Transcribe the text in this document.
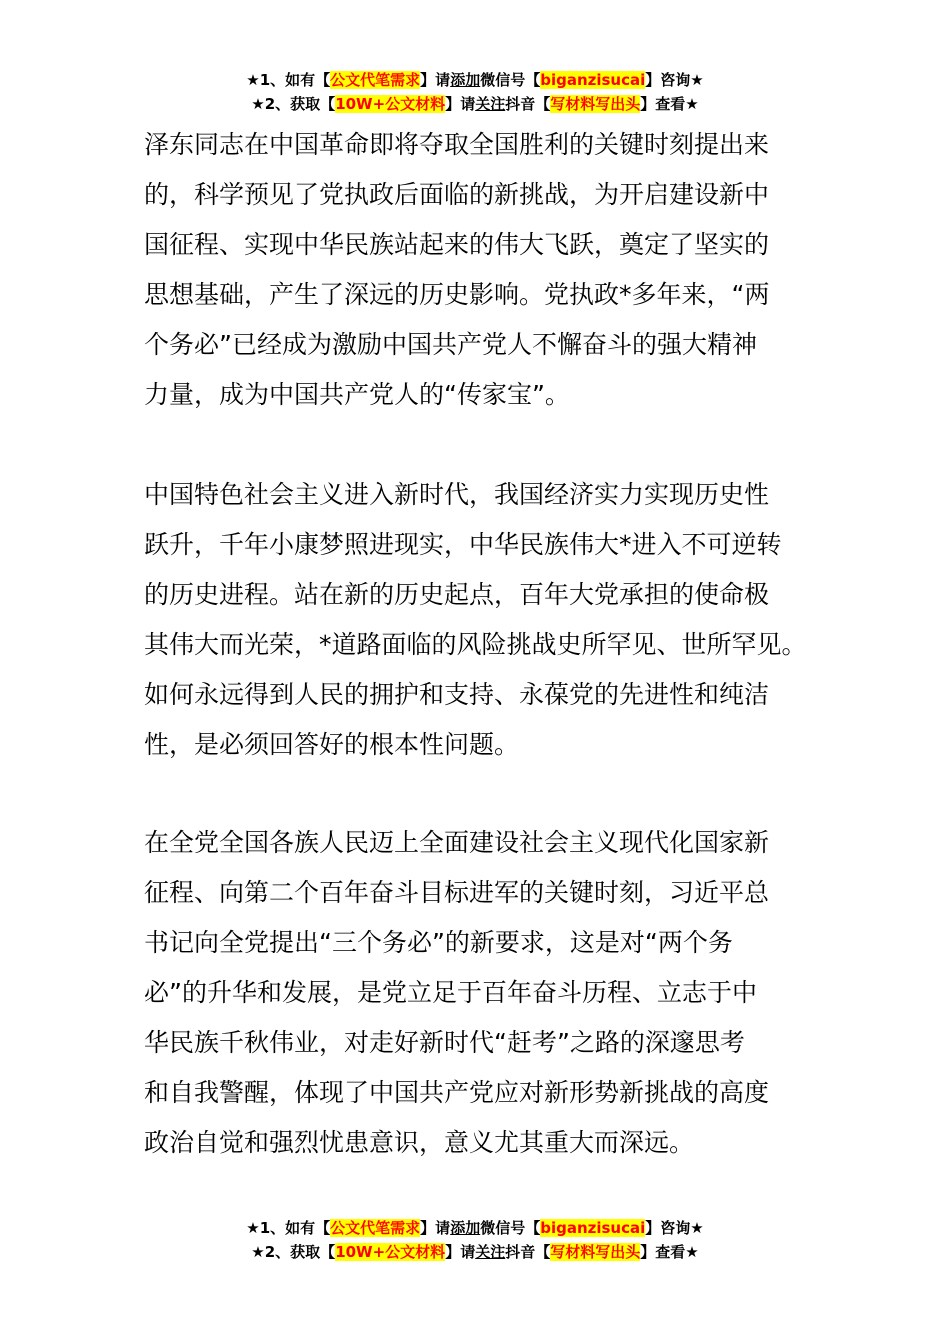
★1、如有【公文代笔需求】请添加微信号【biganzisucai】咨询★
★2、获取【10W+公文材料】请关注抖音【写材料写出头】查看★
泽东同志在中国革命即将夺取全国胜利的关键时刻提出来
的，科学预见了党执政后面临的新挑战，为开启建设新中
国征程、实现中华民族站起来的伟大飞跃，奠定了坚实的
思想基础，产生了深远的历史影响。党执政*多年来，“两
个务必”已经成为激励中国共产党人不懈奋斗的强大精神
力量，成为中国共产党人的“传家宝”。
中国特色社会主义进入新时代，我国经济实力实现历史性
跃升，千年小康梦照进现实，中华民族伟大*进入不可逆转
的历史进程。站在新的历史起点，百年大党承担的使命极
其伟大而光荣，*道路面临的风险挑战史所罕见、世所罕见。
如何永远得到人民的拥护和支持、永葆党的先进性和纯洁
性，是必须回答好的根本性问题。
在全党全国各族人民迈上全面建设社会主义现代化国家新
征程、向第二个百年奋斗目标进军的关键时刻，习近平总
书记向全党提出“三个务必”的新要求，这是对“两个务
必”的升华和发展，是党立足于百年奋斗历程、立志于中
华民族千秋伟业，对走好新时代“赶考”之路的深邃思考
和自我警醒，体现了中国共产党应对新形势新挑战的高度
政治自觉和强烈忧患意识，意义尤其重大而深远。
★1、如有【公文代笔需求】请添加微信号【biganzisucai】咨询★
★2、获取【10W+公文材料】请关注抖音【写材料写出头】查看★
